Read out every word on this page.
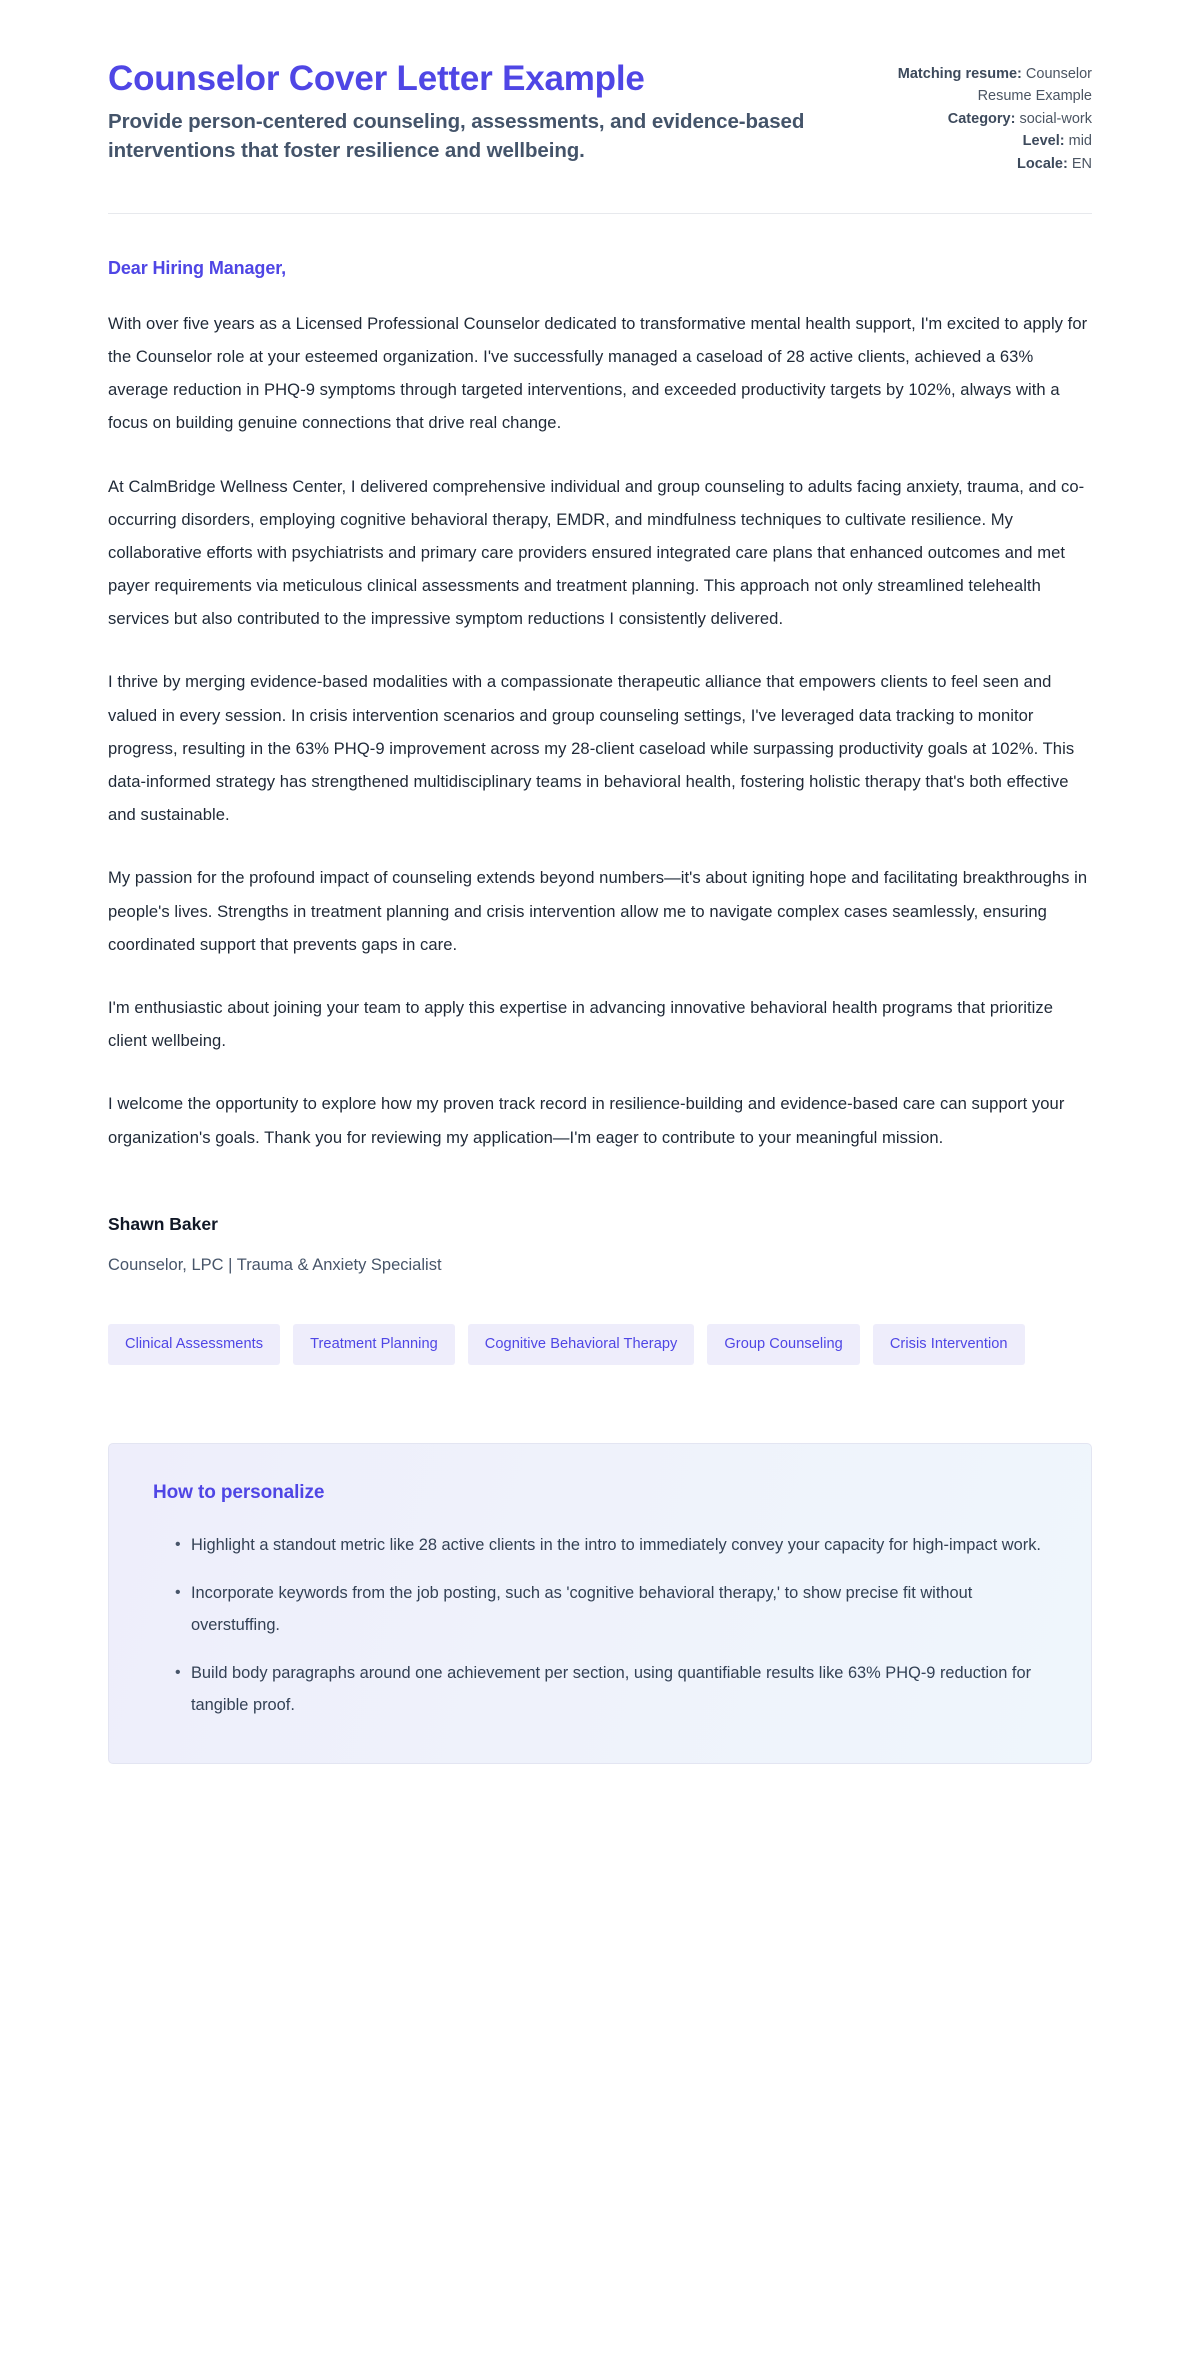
Counselor Cover Letter Example

Provide person-centered counseling, assessments, and evidence-based interventions that foster resilience and wellbeing.

Matching resume: Counselor Resume Example
Category: social-work
Level: mid
Locale: EN

Dear Hiring Manager,

With over five years as a Licensed Professional Counselor dedicated to transformative mental health support, I'm excited to apply for the Counselor role at your esteemed organization. I've successfully managed a caseload of 28 active clients, achieved a 63% average reduction in PHQ-9 symptoms through targeted interventions, and exceeded productivity targets by 102%, always with a focus on building genuine connections that drive real change.

At CalmBridge Wellness Center, I delivered comprehensive individual and group counseling to adults facing anxiety, trauma, and co-occurring disorders, employing cognitive behavioral therapy, EMDR, and mindfulness techniques to cultivate resilience. My collaborative efforts with psychiatrists and primary care providers ensured integrated care plans that enhanced outcomes and met payer requirements via meticulous clinical assessments and treatment planning. This approach not only streamlined telehealth services but also contributed to the impressive symptom reductions I consistently delivered.

I thrive by merging evidence-based modalities with a compassionate therapeutic alliance that empowers clients to feel seen and valued in every session. In crisis intervention scenarios and group counseling settings, I've leveraged data tracking to monitor progress, resulting in the 63% PHQ-9 improvement across my 28-client caseload while surpassing productivity goals at 102%. This data-informed strategy has strengthened multidisciplinary teams in behavioral health, fostering holistic therapy that's both effective and sustainable.

My passion for the profound impact of counseling extends beyond numbers—it's about igniting hope and facilitating breakthroughs in people's lives. Strengths in treatment planning and crisis intervention allow me to navigate complex cases seamlessly, ensuring coordinated support that prevents gaps in care.

I'm enthusiastic about joining your team to apply this expertise in advancing innovative behavioral health programs that prioritize client wellbeing.

I welcome the opportunity to explore how my proven track record in resilience-building and evidence-based care can support your organization's goals. Thank you for reviewing my application—I'm eager to contribute to your meaningful mission.

Shawn Baker

Counselor, LPC | Trauma & Anxiety Specialist

Clinical Assessments	Treatment Planning	Cognitive Behavioral Therapy	Group Counseling	Crisis Intervention
How to personalize
• Highlight a standout metric like 28 active clients in the intro to immediately convey your capacity for high-impact work.
• Incorporate keywords from the job posting, such as 'cognitive behavioral therapy,' to show precise fit without overstuffing.
• Build body paragraphs around one achievement per section, using quantifiable results like 63% PHQ-9 reduction for tangible proof.
